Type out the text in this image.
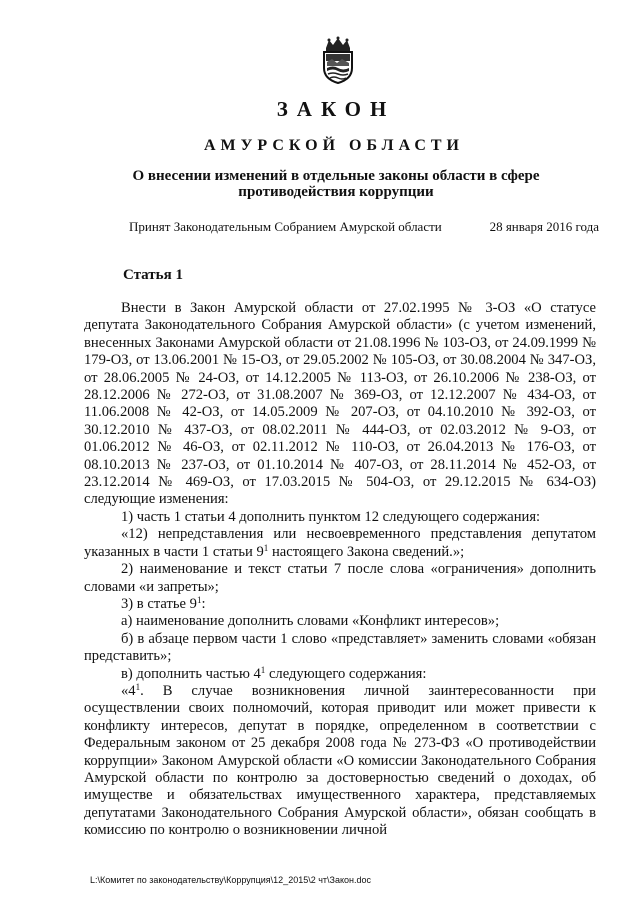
ЗАКОН
АМУРСКОЙ ОБЛАСТИ
О внесении изменений в отдельные законы области в сфере
противодействия коррупции
Принят Законодательным Собранием Амурской области	28 января 2016 года
Статья 1

Внести в Закон Амурской области от 27.02.1995 № 3-ОЗ «О статусе депутата Законодательного Собрания Амурской области» (с учетом изменений, внесенных Законами Амурской области от 21.08.1996 № 103-ОЗ, от 24.09.1999 № 179-ОЗ, от 13.06.2001 № 15-ОЗ, от 29.05.2002 № 105-ОЗ, от 30.08.2004 № 347-ОЗ, от 28.06.2005 № 24-ОЗ, от 14.12.2005 № 113-ОЗ, от 26.10.2006 № 238-ОЗ, от 28.12.2006 № 272-ОЗ, от 31.08.2007 № 369-ОЗ, от 12.12.2007 № 434-ОЗ, от 11.06.2008 № 42-ОЗ, от 14.05.2009 № 207-ОЗ, от 04.10.2010 № 392-ОЗ, от 30.12.2010 № 437-ОЗ, от 08.02.2011 № 444-ОЗ, от 02.03.2012 № 9-ОЗ, от 01.06.2012 № 46-ОЗ, от 02.11.2012 № 110-ОЗ, от 26.04.2013 № 176-ОЗ, от 08.10.2013 № 237-ОЗ, от 01.10.2014 № 407-ОЗ, от 28.11.2014 № 452-ОЗ, от 23.12.2014 № 469-ОЗ, от 17.03.2015 № 504-ОЗ, от 29.12.2015 № 634-ОЗ) следующие изменения:

1) часть 1 статьи 4 дополнить пунктом 12 следующего содержания:

«12) непредставления или несвоевременного представления депутатом указанных в части 1 статьи $9^1$ настоящего Закона сведений.»;

2) наименование и текст статьи 7 после слова «ограничения» дополнить словами «и запреты»;

3) в статье $9^1$:

а) наименование дополнить словами «Конфликт интересов»;

б) в абзаце первом части 1 слово «представляет» заменить словами «обязан представить»;

в) дополнить частью $4^1$ следующего содержания:

«$4^1$. В случае возникновения личной заинтересованности при осуществлении своих полномочий, которая приводит или может привести к конфликту интересов, депутат в порядке, определенном в соответствии с Федеральным законом от 25 декабря 2008 года № 273-ФЗ «О противодействии коррупции» Законом Амурской области «О комиссии Законодательного Собрания Амурской области по контролю за достоверностью сведений о доходах, об имуществе и обязательствах имущественного характера, представляемых депутатами Законодательного Собрания Амурской области», обязан сообщать в комиссию по контролю о возникновении личной

L:\Комитет по законодательству\Коррупция\12_2015\2 чт\Закон.doc
